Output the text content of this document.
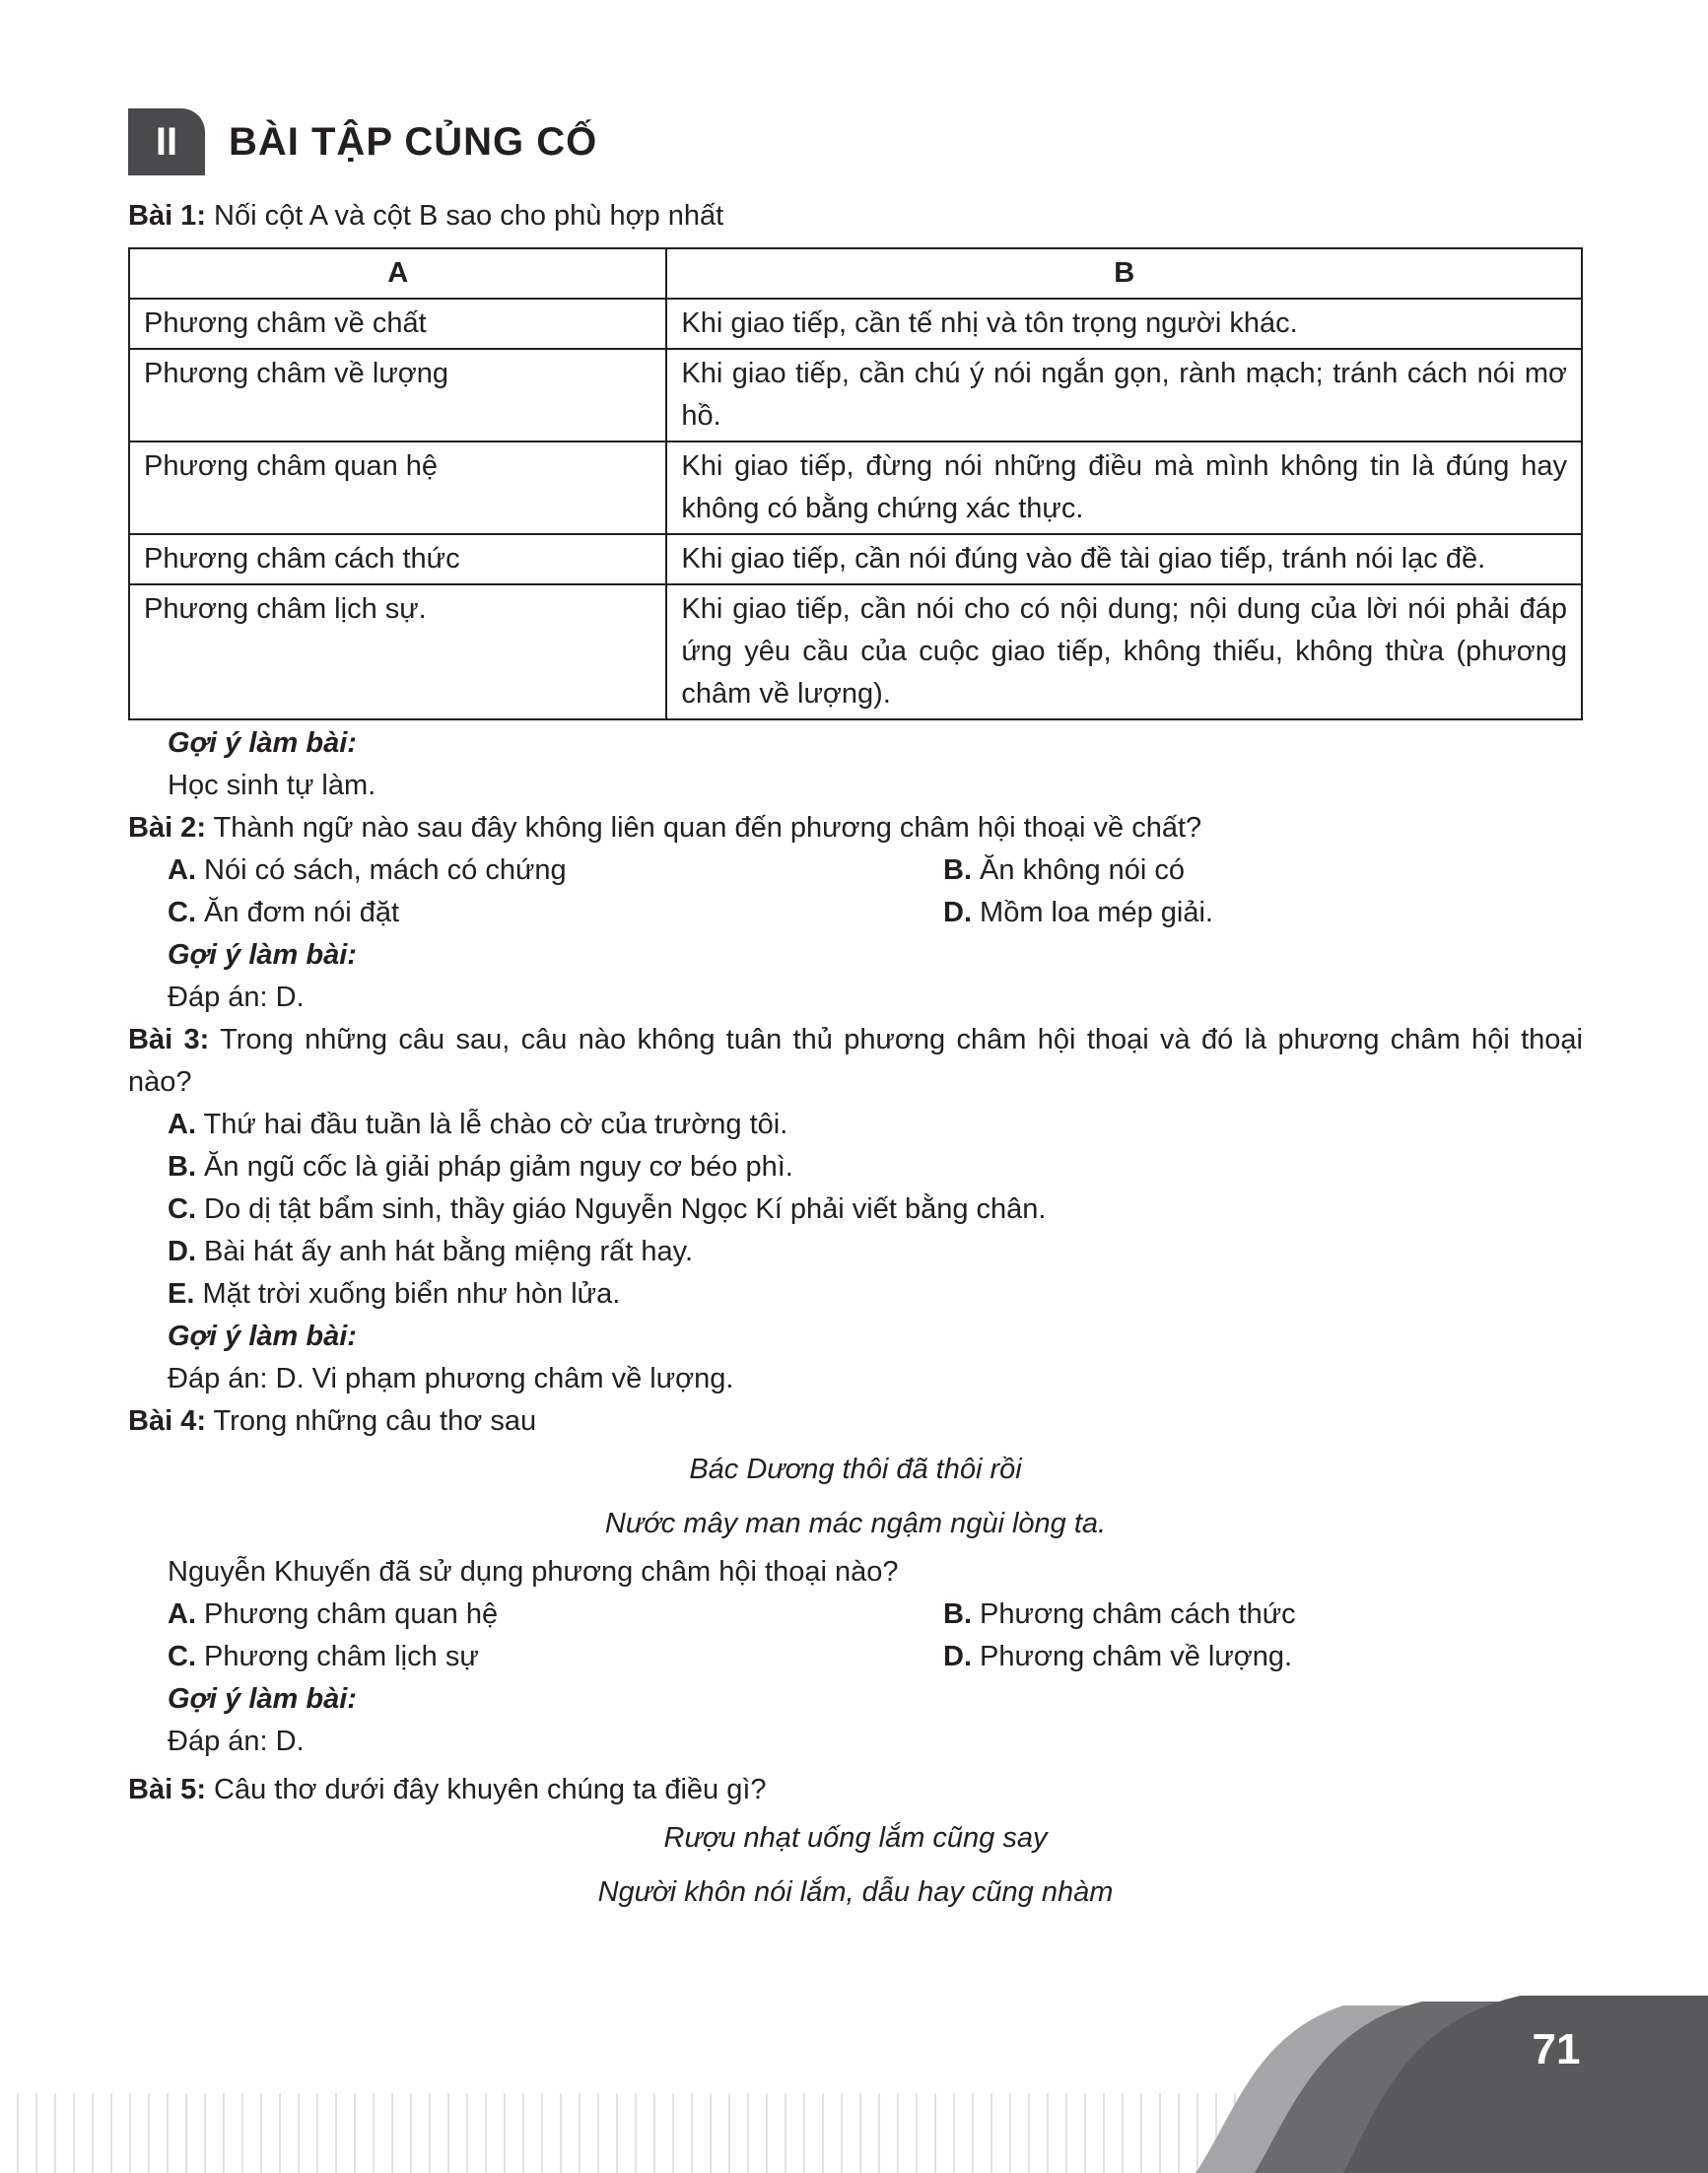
II	BÀI TẬP CỦNG CỐ

Bài 1: Nối cột A và cột B sao cho phù hợp nhất

A	B
Phương châm về chất	Khi giao tiếp, cần tế nhị và tôn trọng người khác.
Phương châm về lượng	Khi giao tiếp, cần chú ý nói ngắn gọn, rành mạch; tránh cách nói mơ hồ.
Phương châm quan hệ	Khi giao tiếp, đừng nói những điều mà mình không tin là đúng hay không có bằng chứng xác thực.
Phương châm cách thức	Khi giao tiếp, cần nói đúng vào đề tài giao tiếp, tránh nói lạc đề.
Phương châm lịch sự.	Khi giao tiếp, cần nói cho có nội dung; nội dung của lời nói phải đáp ứng yêu cầu của cuộc giao tiếp, không thiếu, không thừa (phương châm về lượng).

Gợi ý làm bài:

Học sinh tự làm.

Bài 2: Thành ngữ nào sau đây không liên quan đến phương châm hội thoại về chất?

A. Nói có sách, mách có chứng	B. Ăn không nói có
C. Ăn đơm nói đặt	D. Mồm loa mép giải.

Gợi ý làm bài:

Đáp án: D.

Bài 3: Trong những câu sau, câu nào không tuân thủ phương châm hội thoại và đó là phương châm hội thoại nào?

A. Thứ hai đầu tuần là lễ chào cờ của trường tôi.

B. Ăn ngũ cốc là giải pháp giảm nguy cơ béo phì.

C. Do dị tật bẩm sinh, thầy giáo Nguyễn Ngọc Kí phải viết bằng chân.

D. Bài hát ấy anh hát bằng miệng rất hay.

E. Mặt trời xuống biển như hòn lửa.

Gợi ý làm bài:

Đáp án: D. Vi phạm phương châm về lượng.

Bài 4: Trong những câu thơ sau

Bác Dương thôi đã thôi rồi

Nước mây man mác ngậm ngùi lòng ta.

Nguyễn Khuyến đã sử dụng phương châm hội thoại nào?

A. Phương châm quan hệ	B. Phương châm cách thức
C. Phương châm lịch sự	D. Phương châm về lượng.

Gợi ý làm bài:

Đáp án: D.

Bài 5: Câu thơ dưới đây khuyên chúng ta điều gì?

Rượu nhạt uống lắm cũng say

Người khôn nói lắm, dẫu hay cũng nhàm

71
